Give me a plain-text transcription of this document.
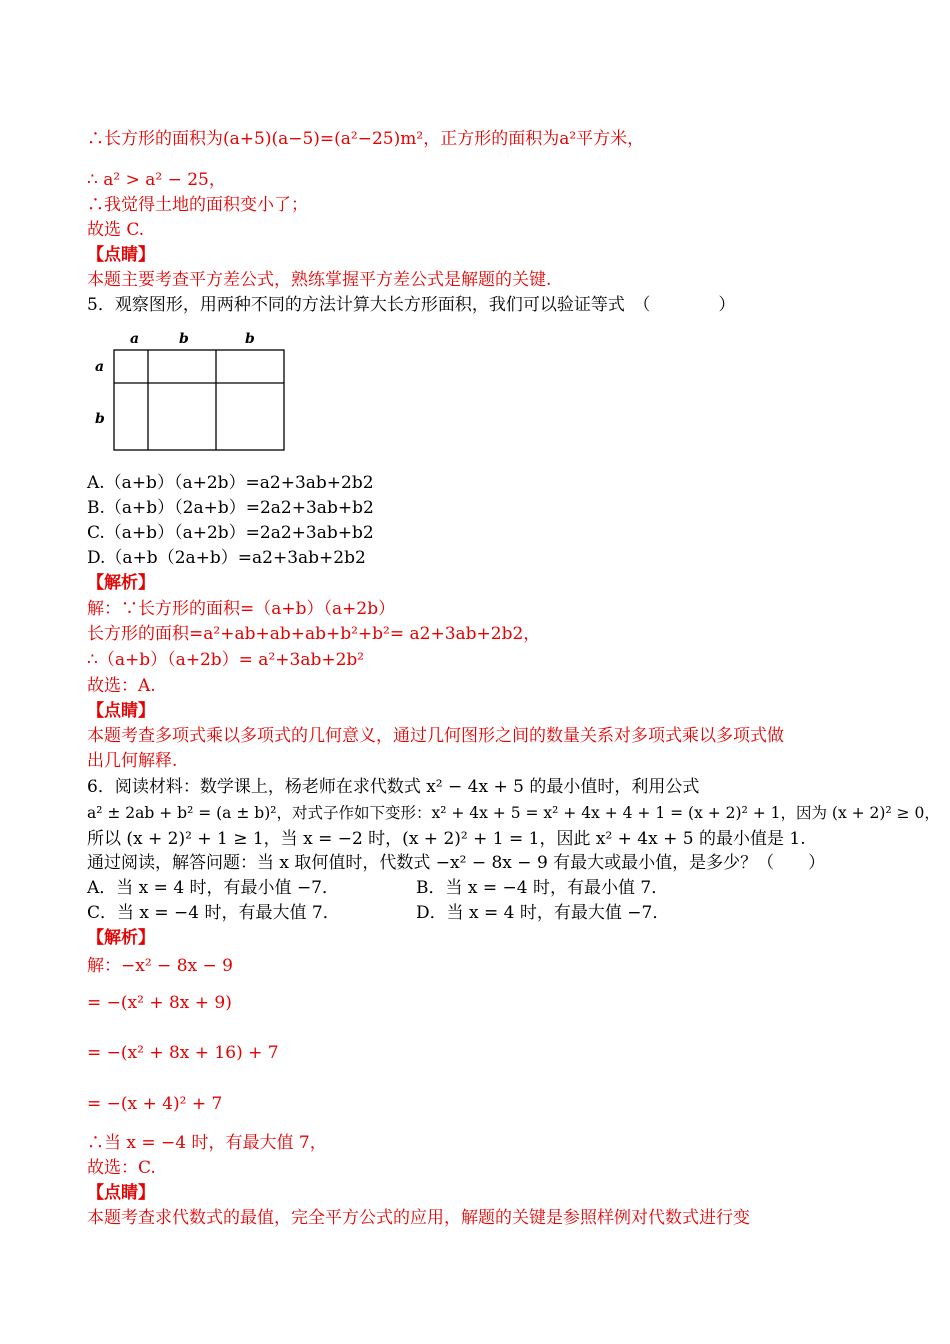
∴长方形的面积为(a+5)(a−5)=(a²−25)m²，正方形的面积为a²平方米，
∴ a² > a² − 25，
∴我觉得土地的面积变小了；
故选 C.
【点睛】
本题主要考查平方差公式，熟练掌握平方差公式是解题的关键.
5．观察图形，用两种不同的方法计算大长方形面积，我们可以验证等式　（　　　　）
a	b	b
a
b
A.（a+b）（a+2b）=a2+3ab+2b2
B.（a+b）（2a+b）=2a2+3ab+b2
C.（a+b）（a+2b）=2a2+3ab+b2
D.（a+b（2a+b）=a2+3ab+2b2
【解析】
解：∵长方形的面积=（a+b）（a+2b）
长方形的面积=a²+ab+ab+ab+b²+b²= a2+3ab+2b2，
∴（a+b）（a+2b）= a²+3ab+2b²
故选：A.
【点睛】
本题考查多项式乘以多项式的几何意义，通过几何图形之间的数量关系对多项式乘以多项式做
出几何解释.
6．阅读材料：数学课上，杨老师在求代数式 x² − 4x + 5 的最小值时，利用公式
a² ± 2ab + b² = (a ± b)²，对式子作如下变形：x² + 4x + 5 = x² + 4x + 4 + 1 = (x + 2)² + 1，因为 (x + 2)² ≥ 0，
所以 (x + 2)² + 1 ≥ 1，当 x = −2 时，(x + 2)² + 1 = 1，因此 x² + 4x + 5 的最小值是 1.
通过阅读，解答问题：当 x 取何值时，代数式 −x² − 8x − 9 有最大或最小值，是多少？（　　）
A．当 x = 4 时，有最小值 −7．	B．当 x = −4 时，有最小值 7．
C．当 x = −4 时，有最大值 7．	D．当 x = 4 时，有最大值 −7．
【解析】
解：−x² − 8x − 9
= −(x² + 8x + 9)
= −(x² + 8x + 16) + 7
= −(x + 4)² + 7
∴当 x = −4 时，有最大值 7，
故选：C.
【点睛】
本题考查求代数式的最值，完全平方公式的应用，解题的关键是参照样例对代数式进行变
